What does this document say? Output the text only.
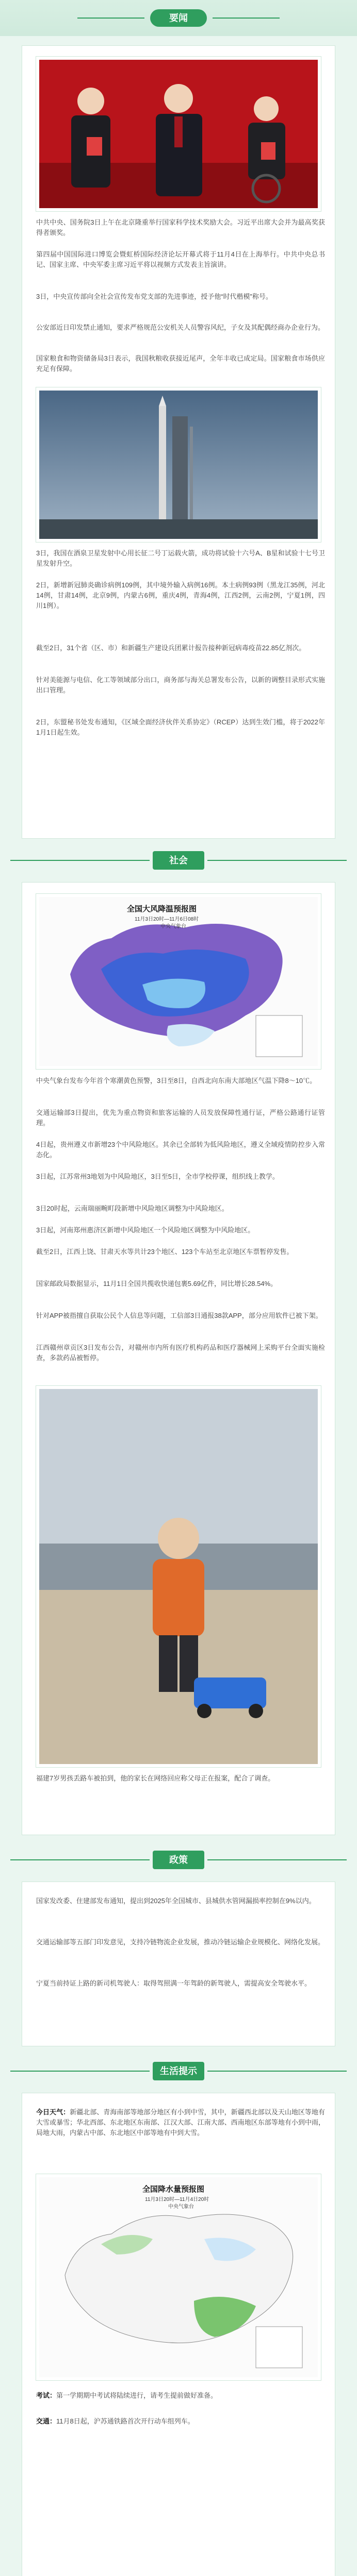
要闻

中共中央、国务院3日上午在北京隆重举行国家科学技术奖励大会。习近平出席大会并为最高奖获得者颁奖。

第四届中国国际进口博览会暨虹桥国际经济论坛开幕式将于11月4日在上海举行。中共中央总书记、国家主席、中央军委主席习近平将以视频方式发表主旨演讲。

3日，中央宣传部向全社会宣传发布党支部的先进事迹，授予他“时代楷模”称号。

公安部近日印发禁止通知，要求严格规范公安机关人员警容风纪，子女及其配偶经商办企业行为。

国家粮食和物资储备局3日表示，我国秋粮收获接近尾声，全年丰收已成定局。国家粮食市场供应充足有保障。

3日，我国在酒泉卫星发射中心用长征二号丁运载火箭，成功将试验十六号A、B星和试验十七号卫星发射升空。

2日，新增新冠肺炎确诊病例109例，其中境外输入病例16例。本土病例93例（黑龙江35例，河北14例，甘肃14例，北京9例，内蒙古6例，重庆4例，青海4例，江西2例，云南2例，宁夏1例，四川1例）。

截至2日，31个省（区、市）和新疆生产建设兵团累计报告接种新冠病毒疫苗22.85亿剂次。

针对美能源与电信、化工等领域部分出口，商务部与海关总署发布公告，以新的调整目录形式实施出口管理。

2日，东盟秘书处发布通知，《区域全面经济伙伴关系协定》（RCEP）达到生效门槛，将于2022年1月1日起生效。

社会
全国大风降温预报图
11月3日20时—11月6日08时
中央气象台

中央气象台发布今年首个寒潮黄色预警，3日至8日，自西北向东南大部地区气温下降8～10℃。

交通运输部3日提出，优先为重点物资和旅客运输的人员发放保障性通行证，严格公路通行证管理。

4日起，贵州遵义市新增23个中风险地区。其余已全部转为低风险地区，遵义全域疫情防控步入常态化。

3日起，江苏常州3地划为中风险地区，3日至5日，全市学校停课，组织线上教学。

3日20时起，云南瑞丽畹町段新增中风险地区调整为中风险地区。

3日起，河南郑州惠济区新增中风险地区一个风险地区调整为中风险地区。

截至2日，江西上饶、甘肃天水等共计23个地区、123个车站至北京地区车票暂停发售。

国家邮政局数据显示，11月1日全国共揽收快递包裹5.69亿件，同比增长28.54%。

针对APP被指擅自获取公民个人信息等问题，工信部3日通报38款APP，部分应用软件已被下架。

江西赣州章贡区3日发布公告，对赣州市内所有医疗机构药品和医疗器械网上采购平台全面实施检查，多款药品被暂停。

福建7岁男孩丢路车被拍到，他的家长在网络回应称父母正在报案，配合了调查。

政策

国家发改委、住建部发布通知，提出到2025年全国城市、县城供水管网漏损率控制在9%以内。

交通运输部等五部门印发意见，支持冷链物流企业发展，推动冷链运输企业规模化、网络化发展。

宁夏当前持证上路的新司机驾驶人：取得驾照满一年驾龄的新驾驶人，需提高安全驾驶水平。

生活提示

今日天气：新疆北部、青海南部等地部分地区有小到中雪，其中，新疆西北部以及天山地区等地有大雪或暴雪；华北西部、东北地区东南部、江汉大部、江南大部、西南地区东部等地有小到中雨，局地大雨，内蒙古中部、东北地区中部等地有中到大雪。

全国降水量预报图
11月3日20时—11月4日20时
中央气象台

考试：第一学期期中考试将陆续进行，请考生提前做好准备。

交通：11月8日起，沪苏通铁路首次开行动车组列车。
